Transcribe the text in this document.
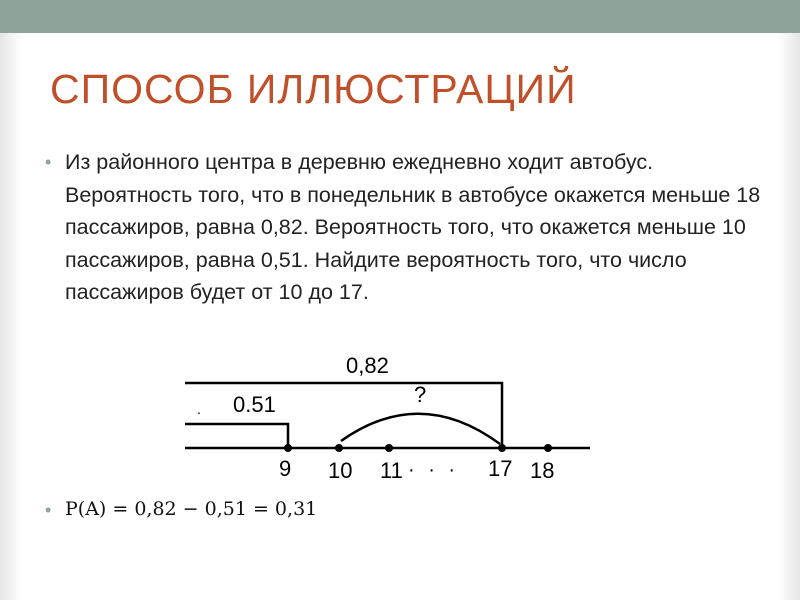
СПОСОБ ИЛЛЮСТРАЦИЙ
• Из районного центра в деревню ежедневно ходит автобус. Вероятность того, что в понедельник в автобусе окажется меньше 18 пассажиров, равна 0,82. Вероятность того, что окажется меньше 10 пассажиров, равна 0,51. Найдите вероятность того, что число пассажиров будет от 10 до 17.

0,82
0.51
.
?
9 10 11 · · · 17 18
• P(A) = 0,82 − 0,51 = 0,31
